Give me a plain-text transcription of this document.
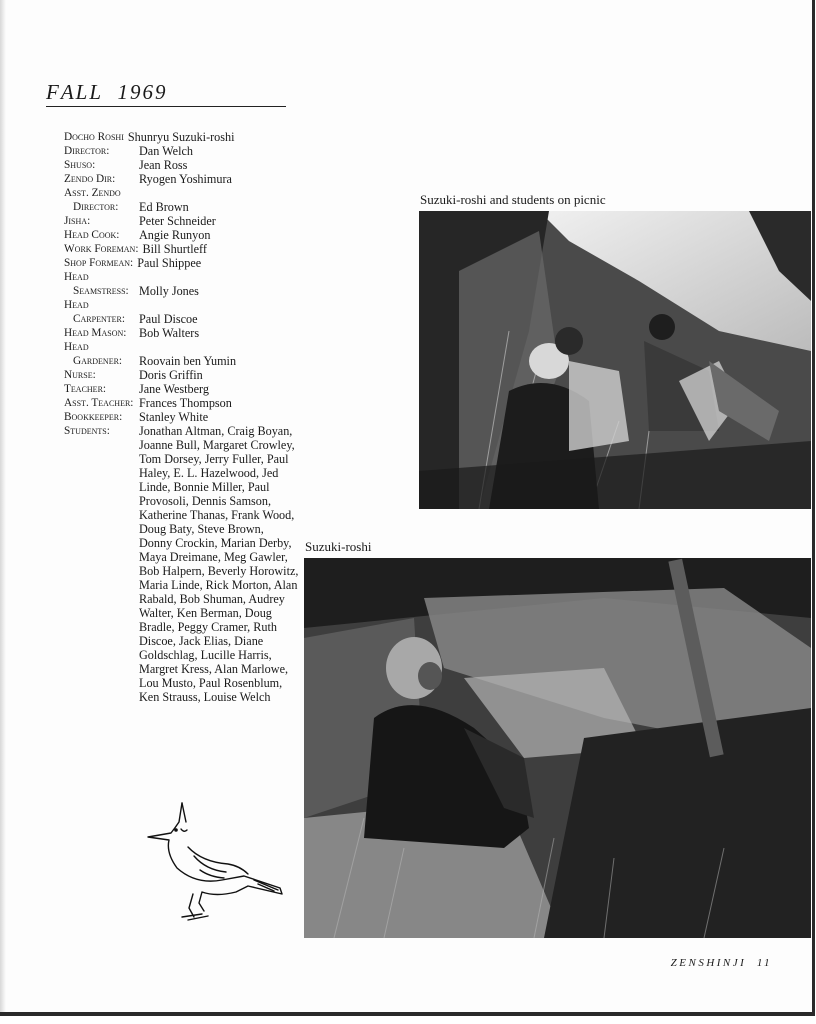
FALL 1969
Docho Roshi Shunryu Suzuki-roshi
Director:	Dan Welch
Shuso:	Jean Ross
Zendo Dir:	Ryogen Yoshimura
Asst. Zendo
Director:	Ed Brown
Jisha:	Peter Schneider
Head Cook:	Angie Runyon
Work Foreman: Bill Shurtleff
Shop Formean: Paul Shippee
Head
Seamstress: Molly Jones
Head
Carpenter:	Paul Discoe
Head Mason:	Bob Walters
Head
Gardener:	Roovain ben Yumin
Nurse:	Doris Griffin
Teacher:	Jane Westberg
Asst. Teacher: Frances Thompson
Bookkeeper:	Stanley White
Students:	Jonathan Altman, Craig Boyan, Joanne Bull, Margaret Crowley, Tom Dorsey, Jerry Fuller, Paul Haley, E. L. Hazelwood, Jed Linde, Bonnie Miller, Paul Provosoli, Dennis Samson, Katherine Thanas, Frank Wood, Doug Baty, Steve Brown, Donny Crockin, Marian Derby, Maya Dreimane, Meg Gawler, Bob Halpern, Beverly Horowitz, Maria Linde, Rick Morton, Alan Rabald, Bob Shuman, Audrey Walter, Ken Berman, Doug Bradle, Peggy Cramer, Ruth Discoe, Jack Elias, Diane Goldschlag, Lucille Harris, Margret Kress, Alan Marlowe, Lou Musto, Paul Rosenblum, Ken Strauss, Louise Welch
Suzuki-roshi and students on picnic
Suzuki-roshi
ZENSHINJI 11
